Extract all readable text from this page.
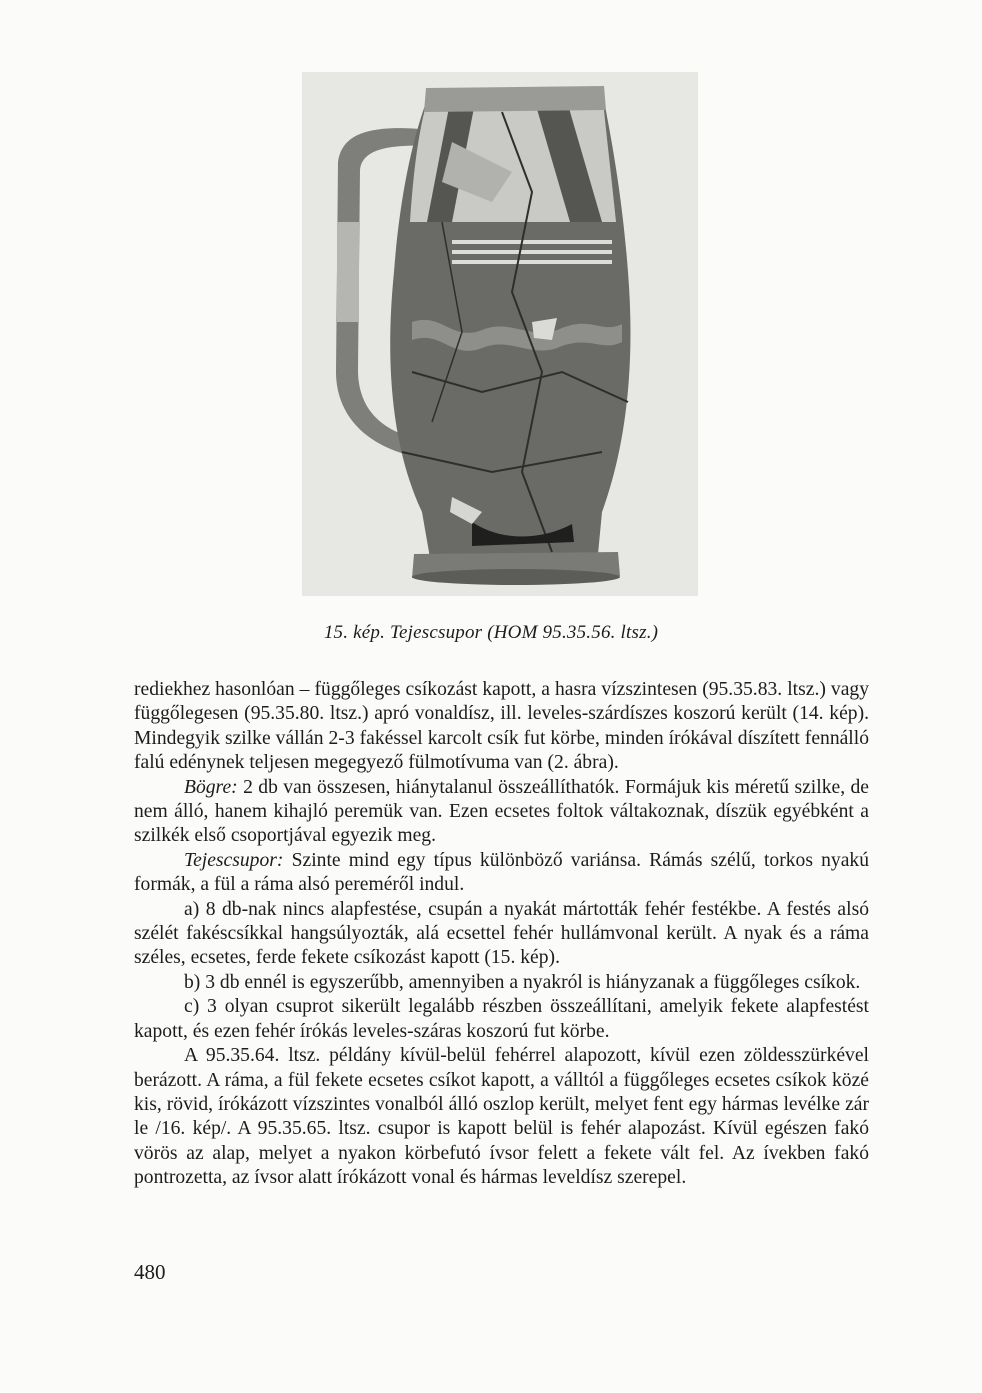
15. kép. Tejescsupor (HOM 95.35.56. ltsz.)

rediekhez hasonlóan – függőleges csíkozást kapott, a hasra vízszintesen (95.35.83. ltsz.) vagy függőlegesen (95.35.80. ltsz.) apró vonaldísz, ill. leveles-szárdíszes koszorú került (14. kép). Mindegyik szilke vállán 2-3 fakéssel karcolt csík fut körbe, minden írókával díszített fennálló falú edénynek teljesen megegyező fülmotívuma van (2. ábra).

Bögre: 2 db van összesen, hiánytalanul összeállíthatók. Formájuk kis méretű szilke, de nem álló, hanem kihajló peremük van. Ezen ecsetes foltok váltakoznak, díszük egyébként a szilkék első csoportjával egyezik meg.

Tejescsupor: Szinte mind egy típus különböző variánsa. Rámás szélű, torkos nyakú formák, a fül a ráma alsó pereméről indul.

a) 8 db-nak nincs alapfestése, csupán a nyakát mártották fehér festékbe. A festés alsó szélét fakéscsíkkal hangsúlyozták, alá ecsettel fehér hullámvonal került. A nyak és a ráma széles, ecsetes, ferde fekete csíkozást kapott (15. kép).

b) 3 db ennél is egyszerűbb, amennyiben a nyakról is hiányzanak a függőleges csíkok.

c) 3 olyan csuprot sikerült legalább részben összeállítani, amelyik fekete alapfestést kapott, és ezen fehér írókás leveles-száras koszorú fut körbe.

A 95.35.64. ltsz. példány kívül-belül fehérrel alapozott, kívül ezen zöldesszürkével berázott. A ráma, a fül fekete ecsetes csíkot kapott, a válltól a függőleges ecsetes csíkok közé kis, rövid, írókázott vízszintes vonalból álló oszlop került, melyet fent egy hármas levélke zár le /16. kép/. A 95.35.65. ltsz. csupor is kapott belül is fehér alapozást. Kívül egészen fakó vörös az alap, melyet a nyakon körbefutó ívsor felett a fekete vált fel. Az ívekben fakó pontrozetta, az ívsor alatt írókázott vonal és hármas leveldísz szerepel.

480
